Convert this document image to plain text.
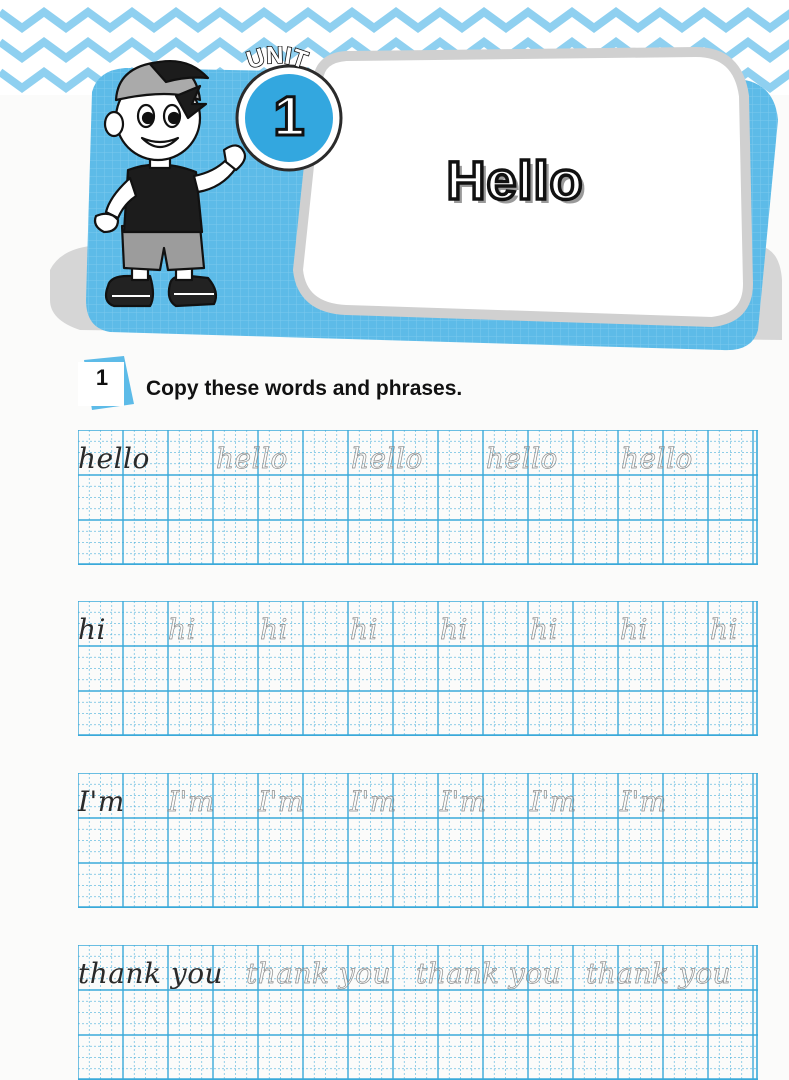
UNIT
1
Hello
1	Copy these words and phrases.
hello hello hello hello hello
hi hi hi hi hi hi hi hi
I'm I'm I'm I'm I'm I'm I'm
thank you thank you thank you thank you
